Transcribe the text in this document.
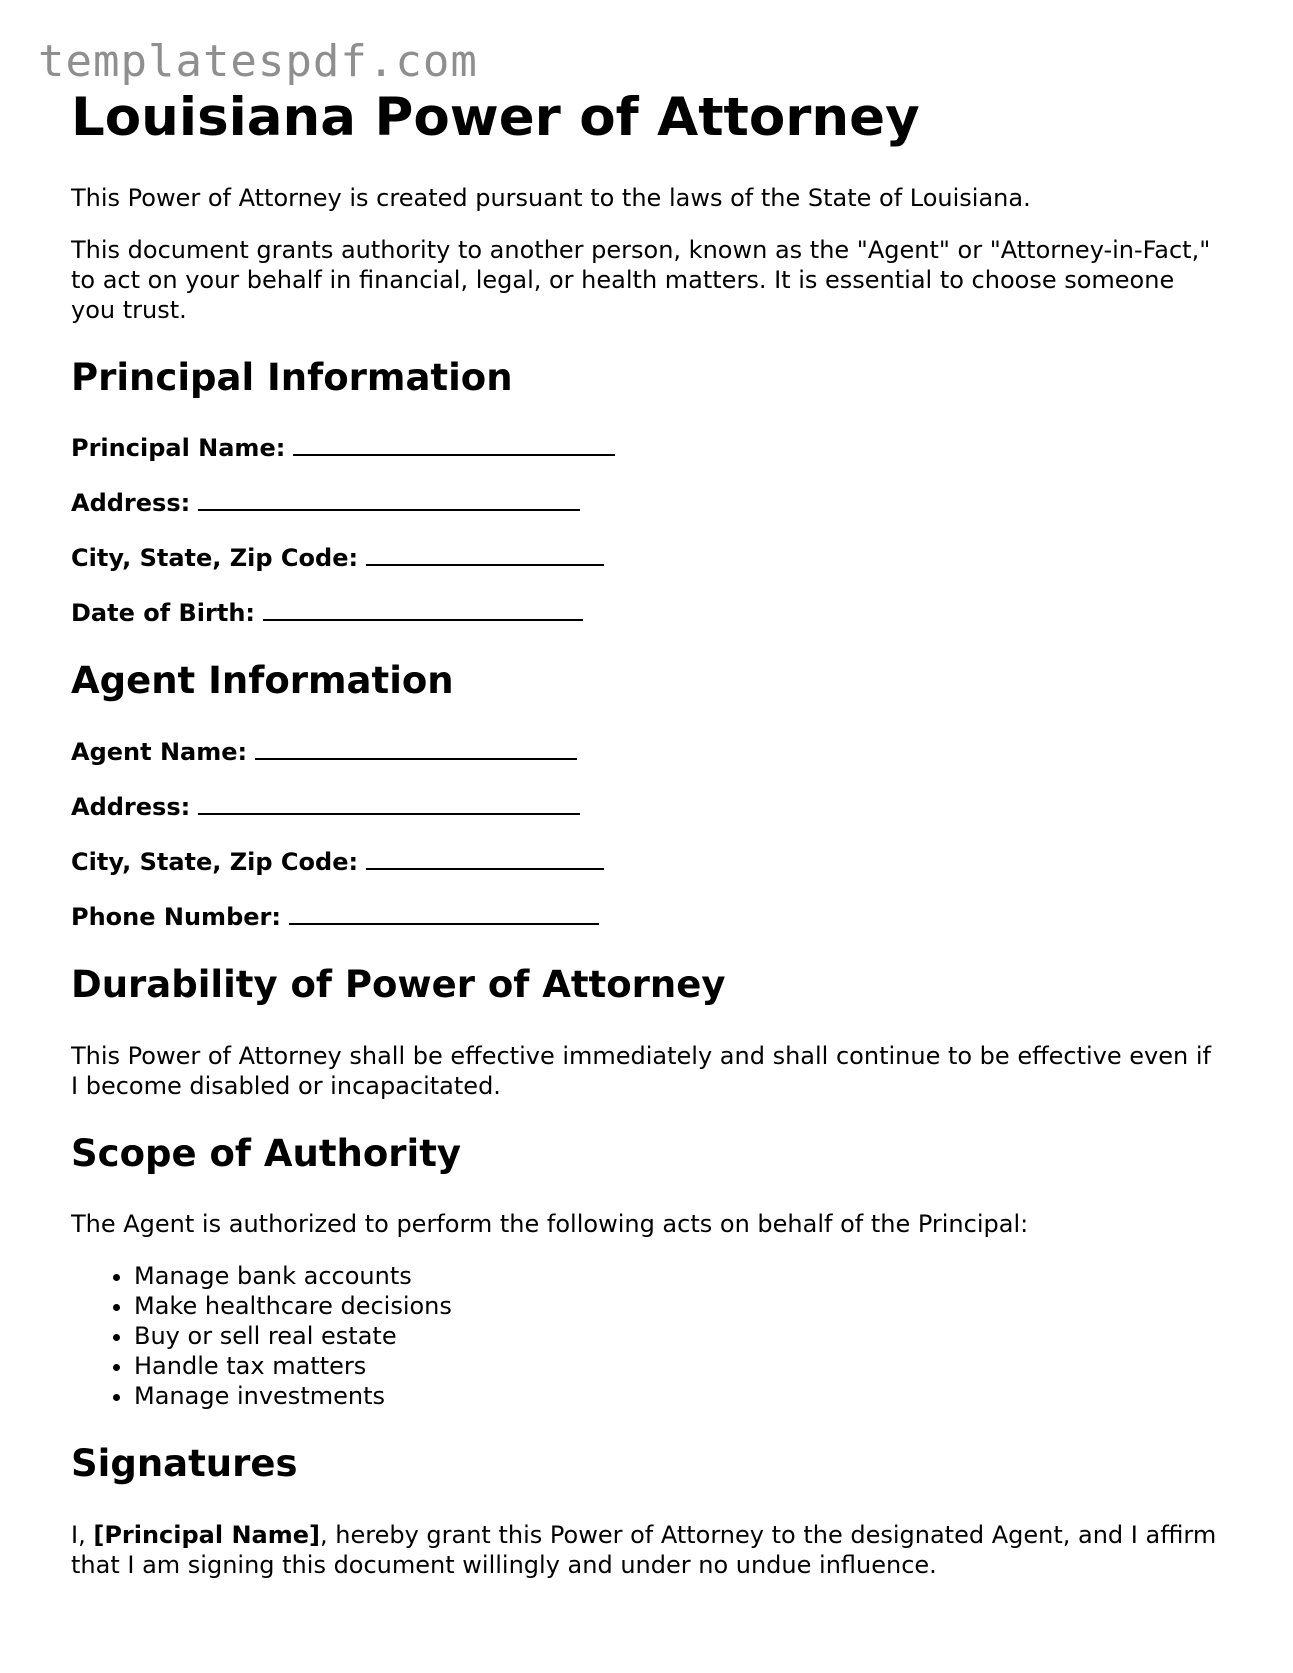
templatespdf.com
Louisiana Power of Attorney

This Power of Attorney is created pursuant to the laws of the State of Louisiana.

This document grants authority to another person, known as the "Agent" or "Attorney-in-Fact," to act on your behalf in financial, legal, or health matters. It is essential to choose someone you trust.

Principal Information
Principal Name:
Address:
City, State, Zip Code:
Date of Birth:
Agent Information
Agent Name:
Address:
City, State, Zip Code:
Phone Number:
Durability of Power of Attorney

This Power of Attorney shall be effective immediately and shall continue to be effective even if I become disabled or incapacitated.

Scope of Authority

The Agent is authorized to perform the following acts on behalf of the Principal:

• Manage bank accounts
• Make healthcare decisions
• Buy or sell real estate
• Handle tax matters
• Manage investments
Signatures

I, [Principal Name], hereby grant this Power of Attorney to the designated Agent, and I affirm that I am signing this document willingly and under no undue influence.
